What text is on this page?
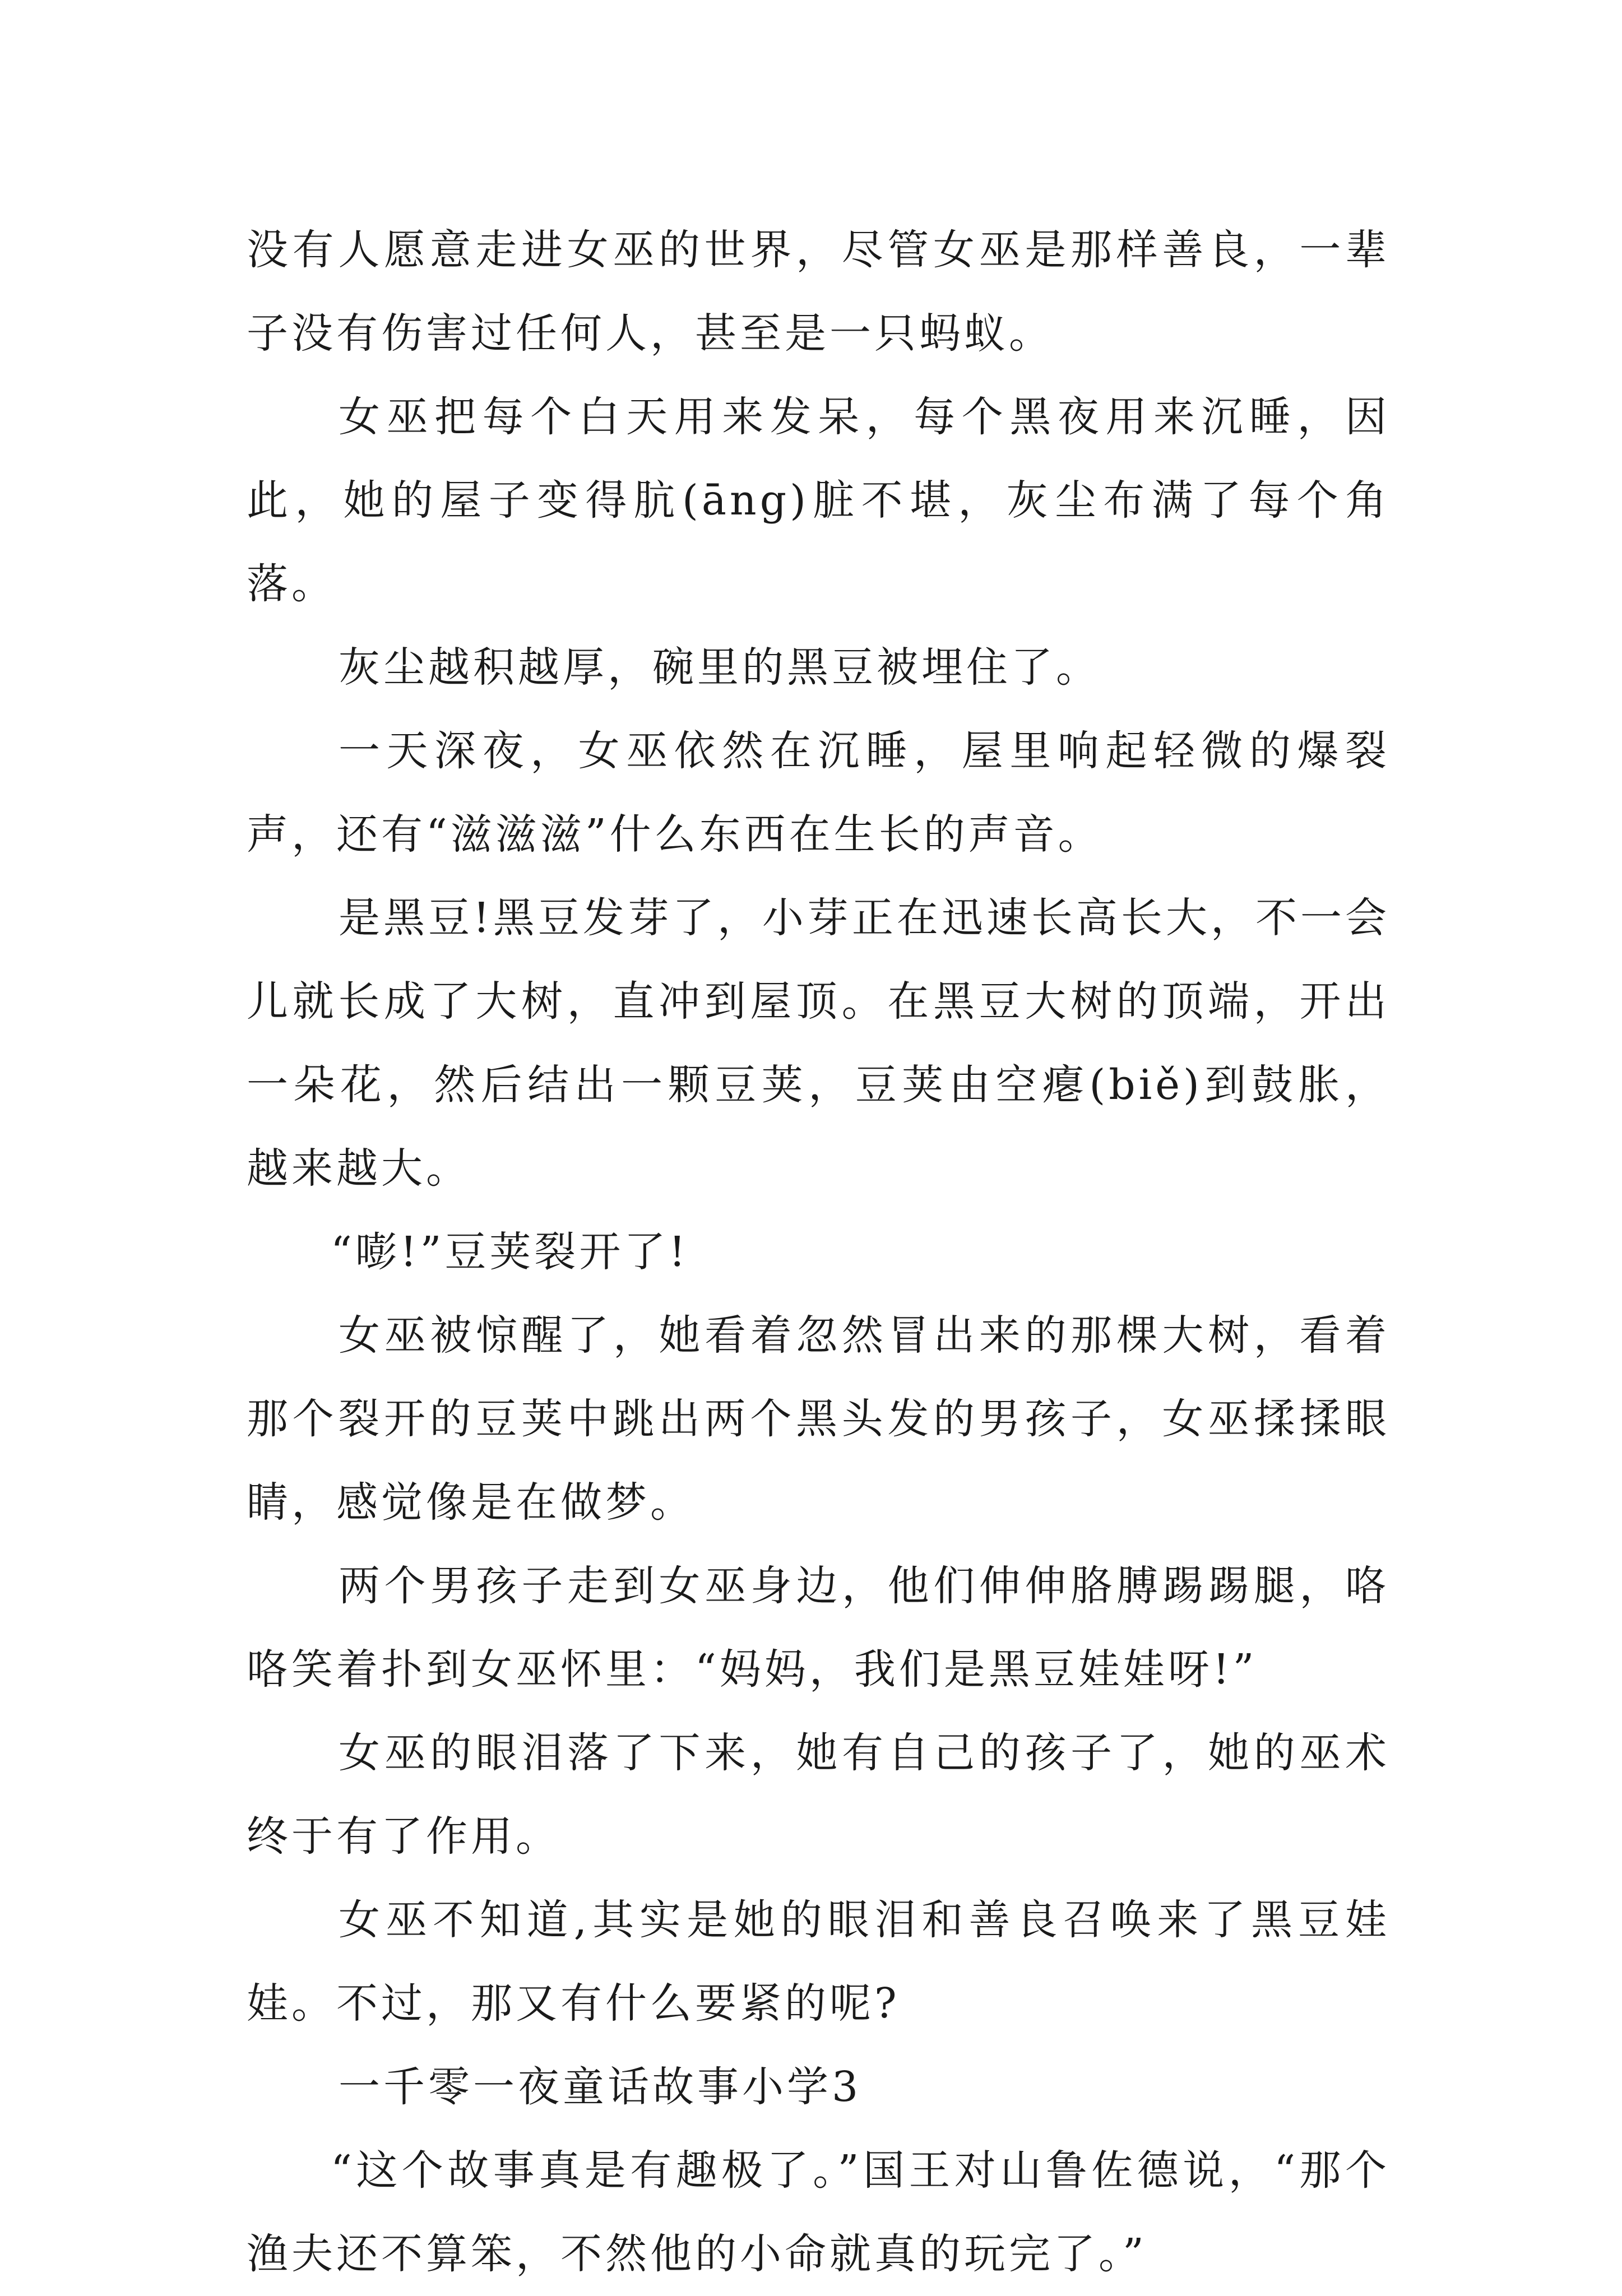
没有人愿意走进女巫的世界，尽管女巫是那样善良，一辈子没有伤害过任何人，甚至是一只蚂蚁。

女巫把每个白天用来发呆，每个黑夜用来沉睡，因此，她的屋子变得肮(āng)脏不堪，灰尘布满了每个角落。

灰尘越积越厚，碗里的黑豆被埋住了。

一天深夜，女巫依然在沉睡，屋里响起轻微的爆裂声，还有“滋滋滋”什么东西在生长的声音。

是黑豆!黑豆发芽了，小芽正在迅速长高长大，不一会儿就长成了大树，直冲到屋顶。在黑豆大树的顶端，开出一朵花，然后结出一颗豆荚，豆荚由空瘪(biě)到鼓胀，越来越大。

“嘭!”豆荚裂开了!

女巫被惊醒了，她看着忽然冒出来的那棵大树，看着那个裂开的豆荚中跳出两个黑头发的男孩子，女巫揉揉眼睛，感觉像是在做梦。

两个男孩子走到女巫身边，他们伸伸胳膊踢踢腿，咯咯笑着扑到女巫怀里：“妈妈，我们是黑豆娃娃呀!”

女巫的眼泪落了下来，她有自己的孩子了，她的巫术终于有了作用。

女巫不知道,其实是她的眼泪和善良召唤来了黑豆娃娃。不过，那又有什么要紧的呢?

一千零一夜童话故事小学3

“这个故事真是有趣极了。”国王对山鲁佐德说，“那个渔夫还不算笨，不然他的小命就真的玩完了。”
